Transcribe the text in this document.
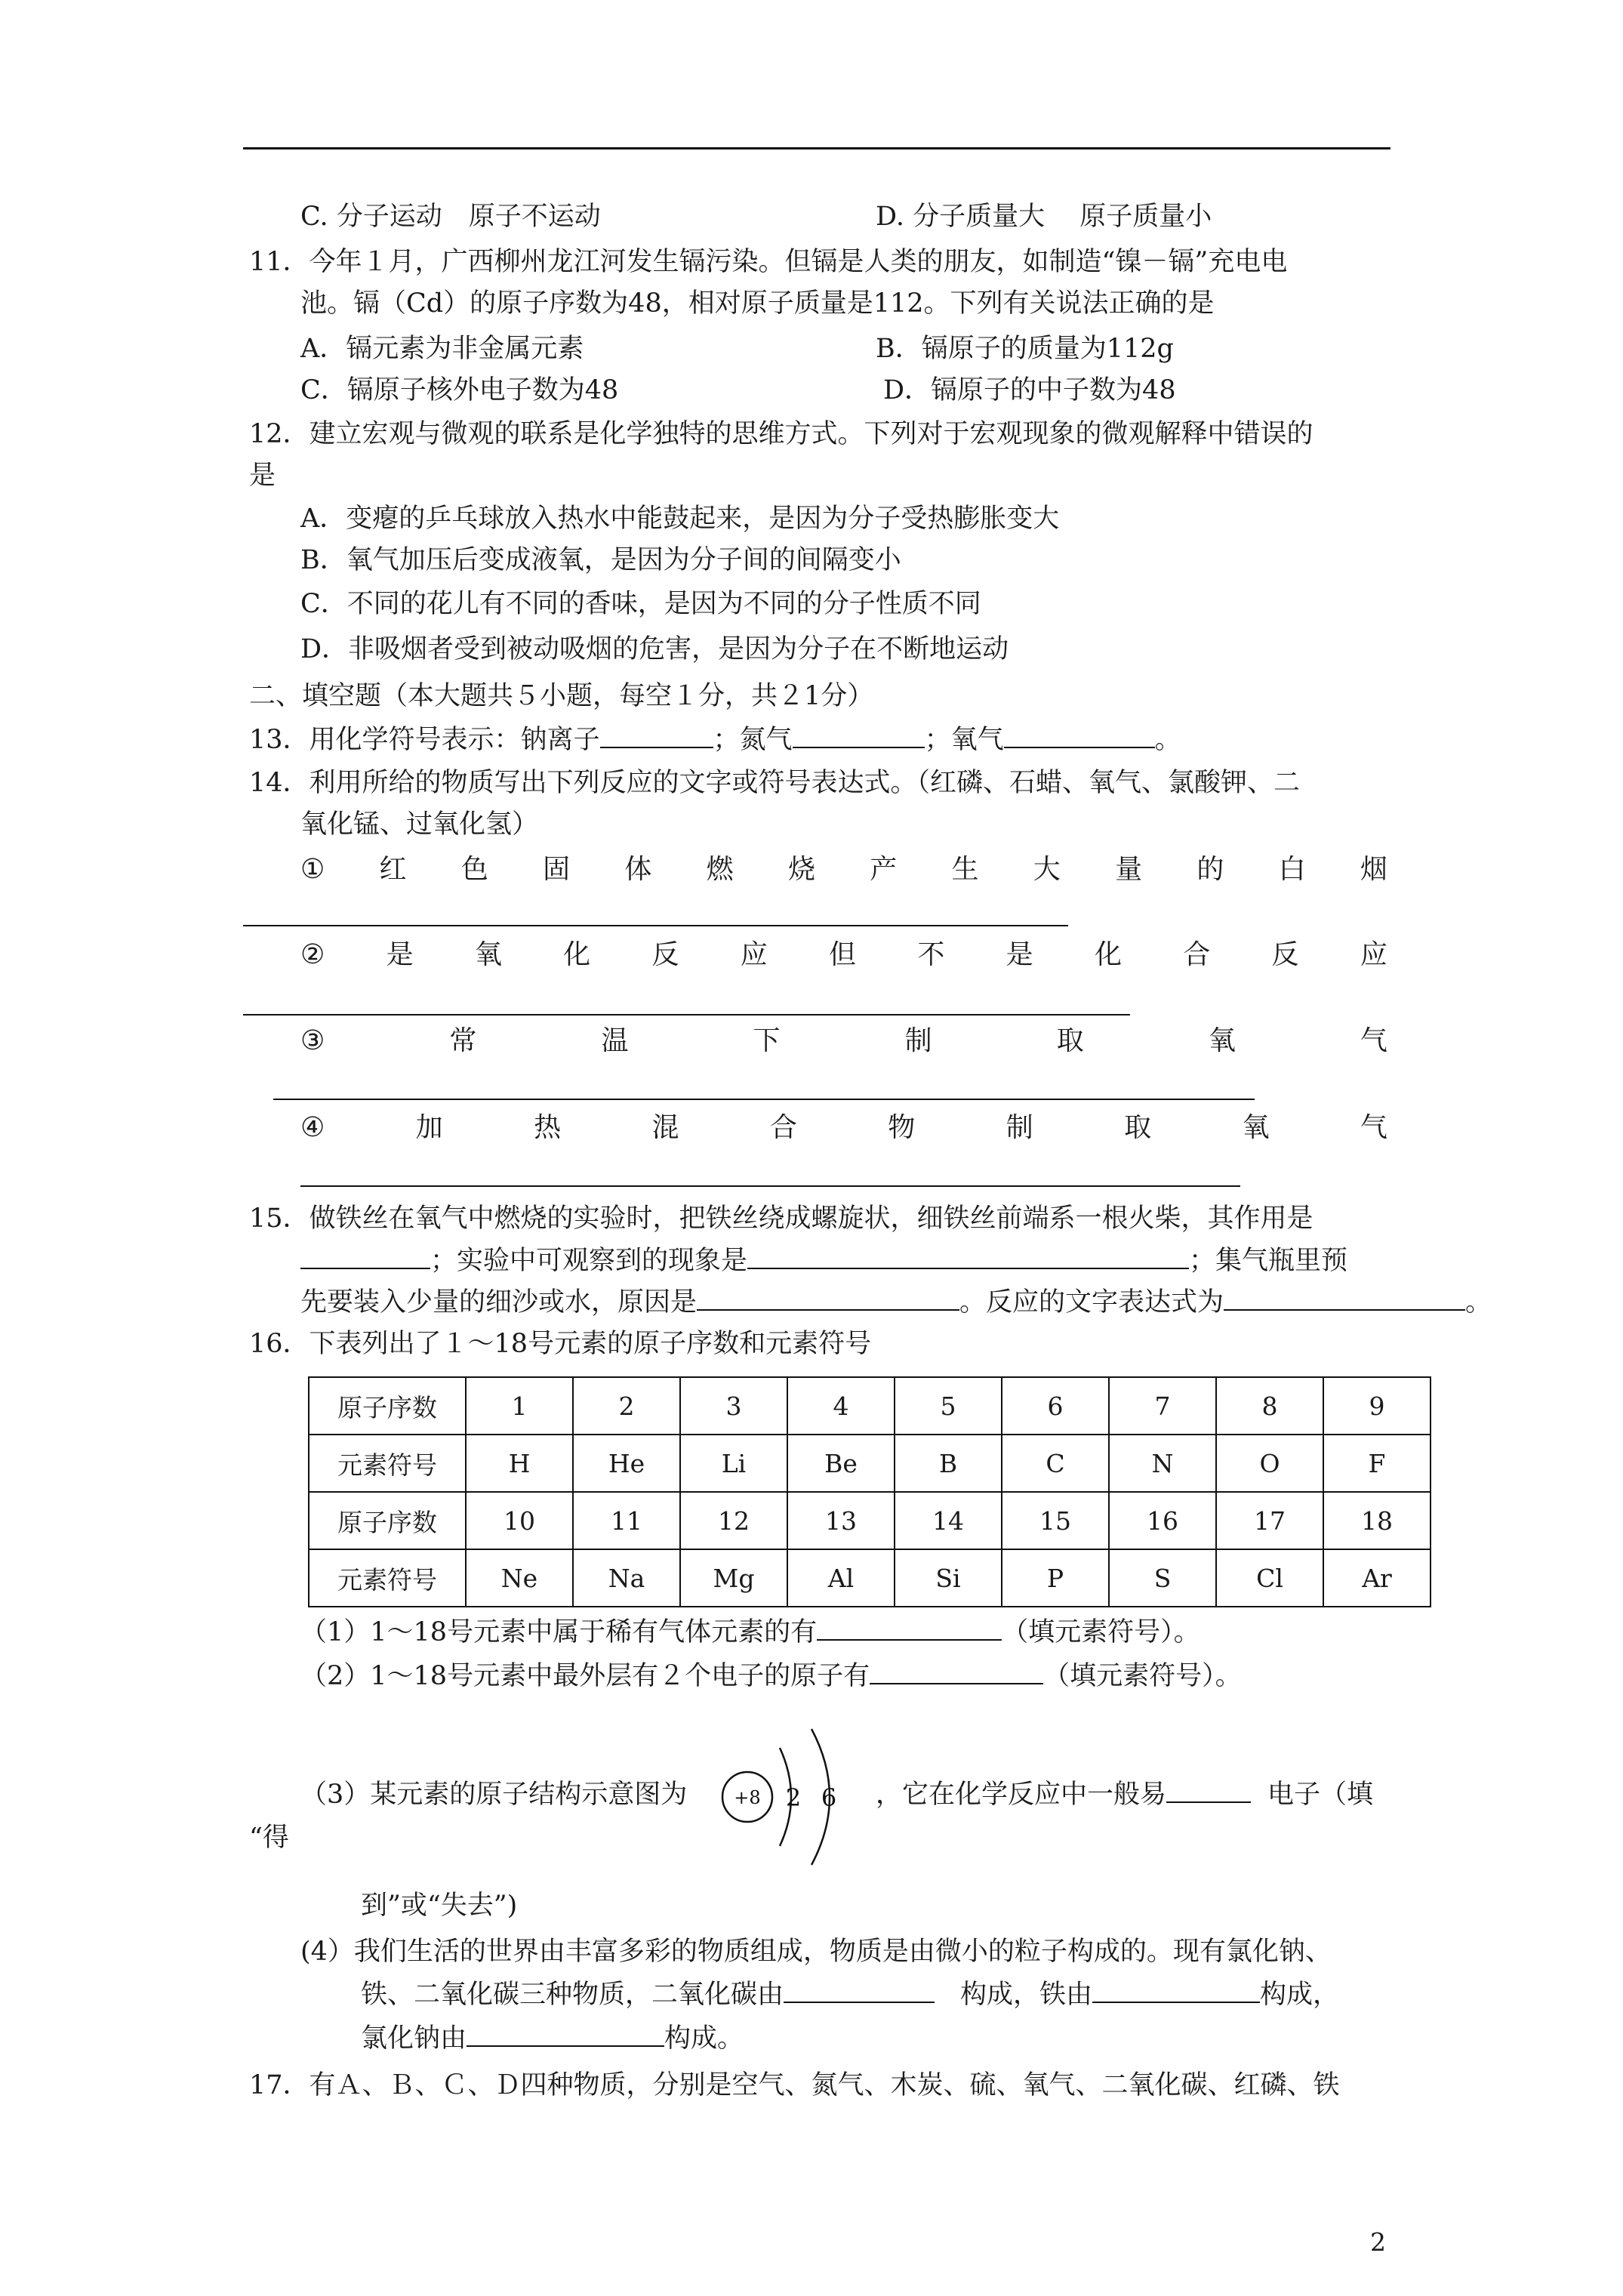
C. 分子运动　原子不运动	D. 分子质量大　 原子质量小
11．今年１月，广西柳州龙江河发生镉污染。但镉是人类的朋友，如制造“镍－镉”充电电
池。镉（Cd）的原子序数为48，相对原子质量是112。下列有关说法正确的是
A．镉元素为非金属元素	B．镉原子的质量为112g
C．镉原子核外电子数为48	D．镉原子的中子数为48
12．建立宏观与微观的联系是化学独特的思维方式。下列对于宏观现象的微观解释中错误的
是
A．变瘪的乒乓球放入热水中能鼓起来，是因为分子受热膨胀变大
B．氧气加压后变成液氧，是因为分子间的间隔变小
C．不同的花儿有不同的香味，是因为不同的分子性质不同
D．非吸烟者受到被动吸烟的危害，是因为分子在不断地运动
二、填空题（本大题共５小题，每空１分，共２1分）
13．用化学符号表示：钠离子	；氮气	；氧气	。
14．利用所给的物质写出下列反应的文字或符号表达式。（红磷、石蜡、氧气、氯酸钾、二
氧化锰、过氧化氢）
① 红 色 固 体 燃 烧 产 生 大 量 的 白 烟
② 是 氧 化 反 应 但 不 是 化 合 反 应
③	常	温	下	制	取	氧	气
④	加	热	混	合	物	制	取	氧	气
15．做铁丝在氧气中燃烧的实验时，把铁丝绕成螺旋状，细铁丝前端系一根火柴，其作用是
；实验中可观察到的现象是	；集气瓶里预
先要装入少量的细沙或水，原因是	。反应的文字表达式为	。
16．下表列出了１～18号元素的原子序数和元素符号
原子序数	1	2	3	4	5	6	7	8	9
元素符号	H	He	Li	Be	B	C	N	O	F
原子序数	10	11	12	13	14	15	16	17	18
元素符号	Ne	Na	Mg	Al	Si	P	S	Cl	Ar
（1）1～18号元素中属于稀有气体元素的有	（填元素符号）。
（2）1～18号元素中最外层有２个电子的原子有	（填元素符号）。
（3）某元素的原子结构示意图为	+8 2 6 ，它在化学反应中一般易	电子（填
“得
到”或“失去”)
(4）我们生活的世界由丰富多彩的物质组成，物质是由微小的粒子构成的。现有氯化钠、
铁、二氧化碳三种物质，二氧化碳由	构成，铁由	构成，
氯化钠由	构成。
17．有Ａ、Ｂ、Ｃ、Ｄ四种物质，分别是空气、氮气、木炭、硫、氧气、二氧化碳、红磷、铁
2
